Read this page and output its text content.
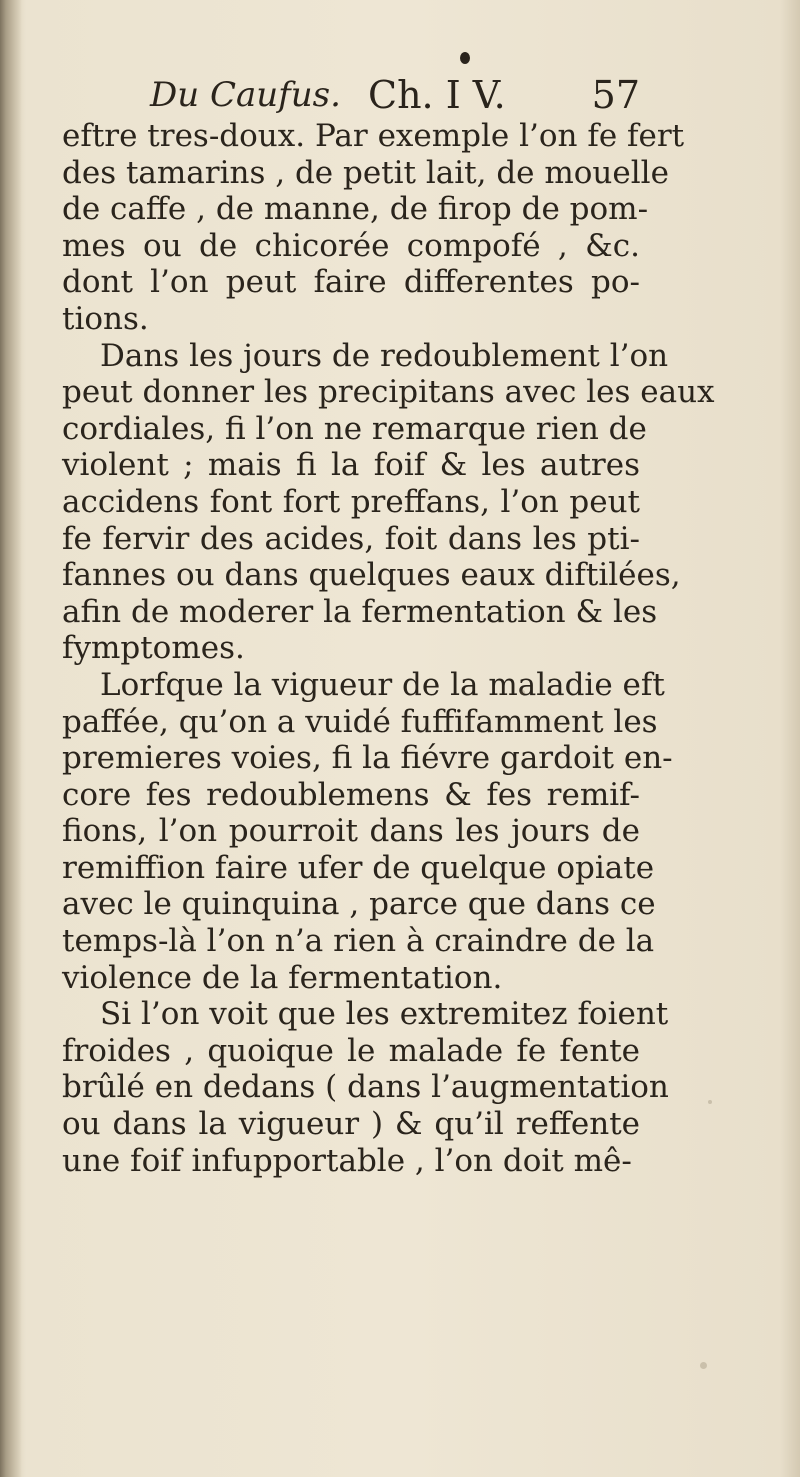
Du Caufus. Ch. I V. 57
eftre tres-doux. Par exemple l’on fe fert
des tamarins , de petit lait, de mouelle
de caffe , de manne, de firop de pom-
mes ou de chicorée compofé , &c.
dont l’on peut faire differentes po-
tions.
Dans les jours de redoublement l’on
peut donner les precipitans avec les eaux
cordiales, fi l’on ne remarque rien de
violent ; mais fi la foif & les autres
accidens font fort preffans, l’on peut
fe fervir des acides, foit dans les pti-
fannes ou dans quelques eaux diftilées,
afin de moderer la fermentation & les
fymptomes.
Lorfque la vigueur de la maladie eft
paffée, qu’on a vuidé fuffifamment les
premieres voies, fi la fiévre gardoit en-
core fes redoublemens & fes remif-
fions, l’on pourroit dans les jours de
remiffion faire ufer de quelque opiate
avec le quinquina , parce que dans ce
temps-là l’on n’a rien à craindre de la
violence de la fermentation.
Si l’on voit que les extremitez foient
froides , quoique le malade fe fente
brûlé en dedans ( dans l’augmentation
ou dans la vigueur ) & qu’il reffente
une foif infupportable , l’on doit mê-
